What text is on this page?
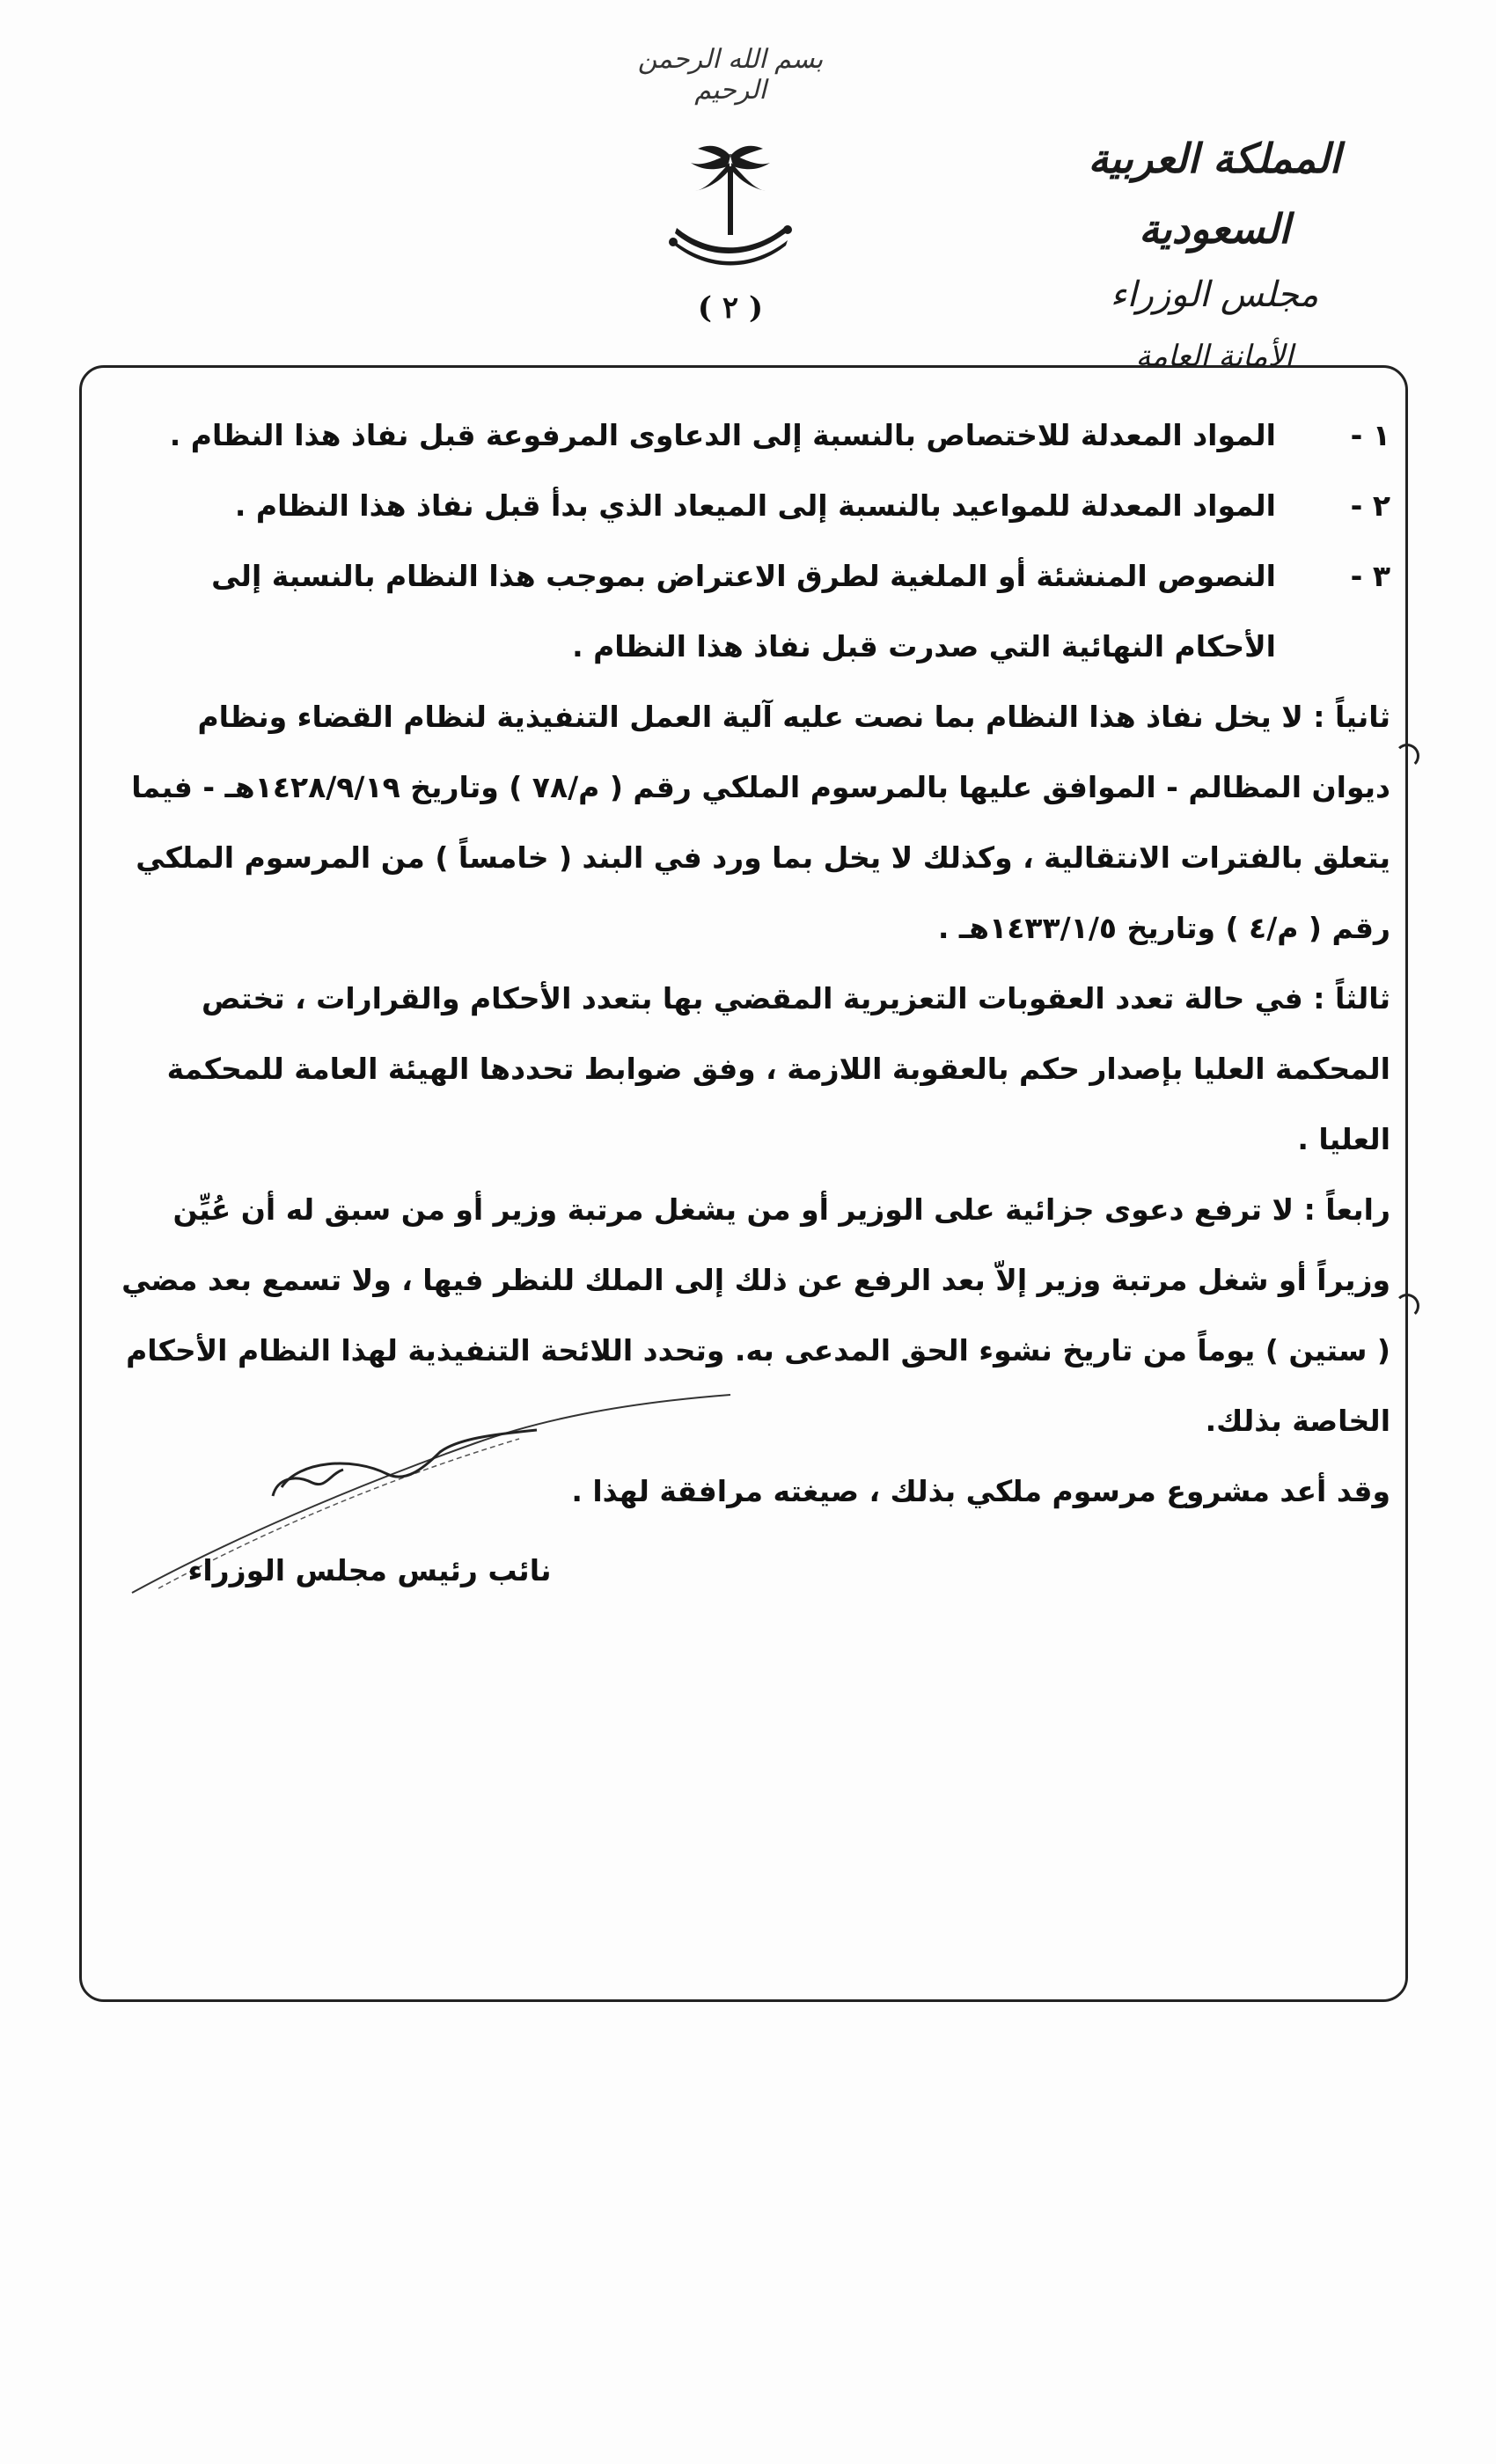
بسم الله الرحمن الرحيم
( ٢ )
المملكة العربية السعودية
مجلس الوزراء
الأمانة العامة
١ -
المواد المعدلة للاختصاص بالنسبة إلى الدعاوى المرفوعة قبل نفاذ هذا النظام .
٢ -
المواد المعدلة للمواعيد بالنسبة إلى الميعاد الذي بدأ قبل نفاذ هذا النظام .
٣ -
النصوص المنشئة أو الملغية لطرق الاعتراض بموجب هذا النظام بالنسبة إلى الأحكام النهائية التي صدرت قبل نفاذ هذا النظام .

ثانياً : لا يخل نفاذ هذا النظام بما نصت عليه آلية العمل التنفيذية لنظام القضاء ونظام ديوان المظالم - الموافق عليها بالمرسوم الملكي رقم ( م/٧٨ ) وتاريخ ١٤٢٨/٩/١٩هـ - فيما يتعلق بالفترات الانتقالية ، وكذلك لا يخل بما ورد في البند ( خامساً ) من المرسوم الملكي رقم ( م/٤ ) وتاريخ ١٤٣٣/١/٥هـ .

ثالثاً : في حالة تعدد العقوبات التعزيرية المقضي بها بتعدد الأحكام والقرارات ، تختص المحكمة العليا بإصدار حكم بالعقوبة اللازمة ، وفق ضوابط تحددها الهيئة العامة للمحكمة العليا .

رابعاً : لا ترفع دعوى جزائية على الوزير أو من يشغل مرتبة وزير أو من سبق له أن عُيِّن وزيراً أو شغل مرتبة وزير إلاّ بعد الرفع عن ذلك إلى الملك للنظر فيها ، ولا تسمع بعد مضي ( ستين ) يوماً من تاريخ نشوء الحق المدعى به. وتحدد اللائحة التنفيذية لهذا النظام الأحكام الخاصة بذلك.

وقد أعد مشروع مرسوم ملكي بذلك ، صيغته مرافقة لهذا .

نائب رئيس مجلس الوزراء
